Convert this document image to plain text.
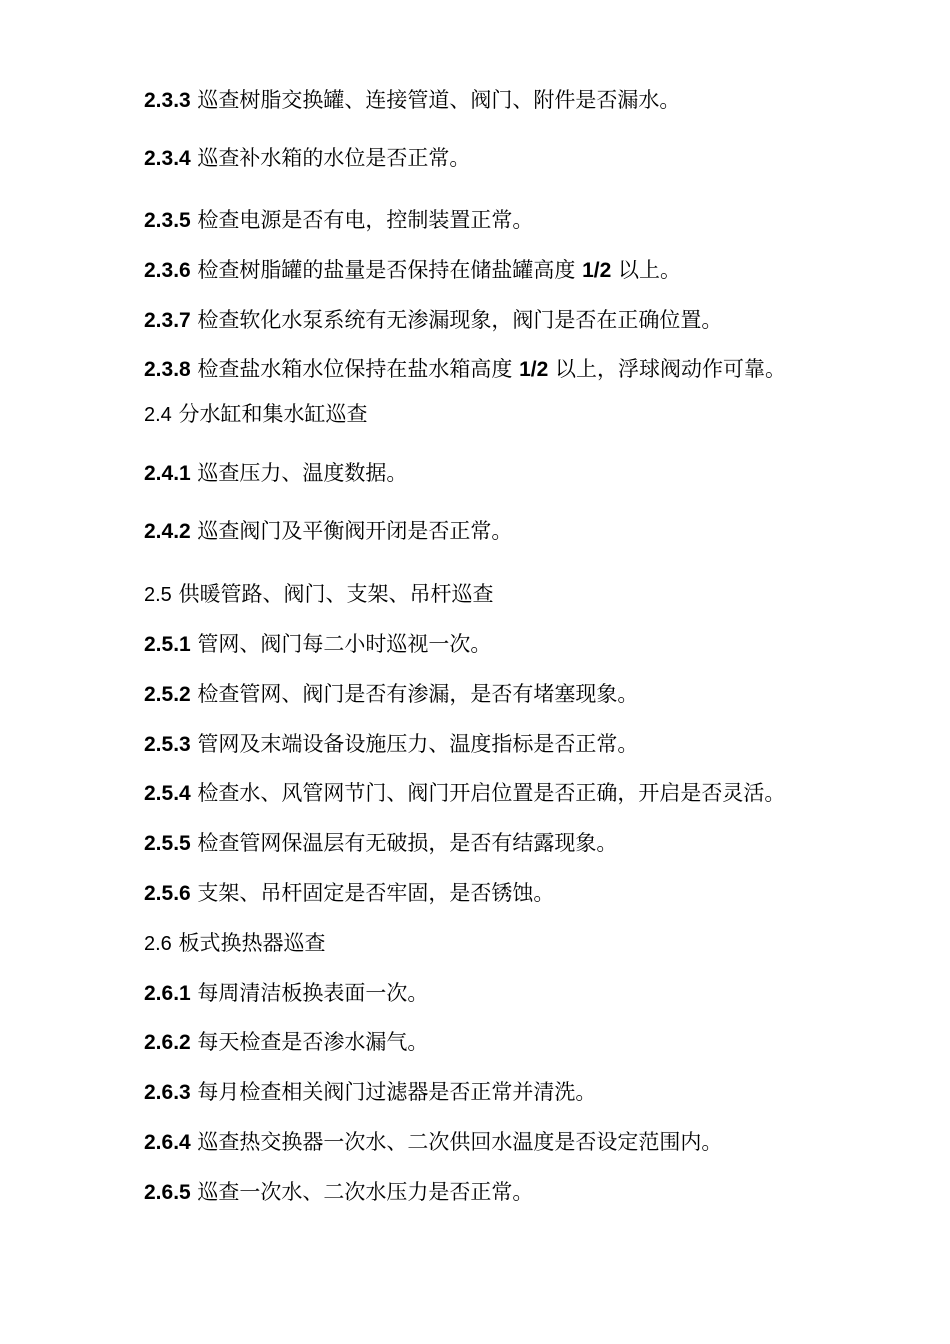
2.3.3 巡查树脂交换罐、连接管道、阀门、附件是否漏水。
2.3.4 巡查补水箱的水位是否正常。
2.3.5 检查电源是否有电，控制装置正常。
2.3.6 检查树脂罐的盐量是否保持在储盐罐高度 1/2 以上。
2.3.7 检查软化水泵系统有无渗漏现象，阀门是否在正确位置。
2.3.8 检查盐水箱水位保持在盐水箱高度 1/2 以上，浮球阀动作可靠。
2.4 分水缸和集水缸巡查
2.4.1 巡查压力、温度数据。
2.4.2 巡查阀门及平衡阀开闭是否正常。
2.5 供暖管路、阀门、支架、吊杆巡查
2.5.1 管网、阀门每二小时巡视一次。
2.5.2 检查管网、阀门是否有渗漏，是否有堵塞现象。
2.5.3 管网及末端设备设施压力、温度指标是否正常。
2.5.4 检查水、风管网节门、阀门开启位置是否正确，开启是否灵活。
2.5.5 检查管网保温层有无破损，是否有结露现象。
2.5.6 支架、吊杆固定是否牢固，是否锈蚀。
2.6 板式换热器巡查
2.6.1 每周清洁板换表面一次。
2.6.2 每天检查是否渗水漏气。
2.6.3 每月检查相关阀门过滤器是否正常并清洗。
2.6.4 巡查热交换器一次水、二次供回水温度是否设定范围内。
2.6.5 巡查一次水、二次水压力是否正常。
